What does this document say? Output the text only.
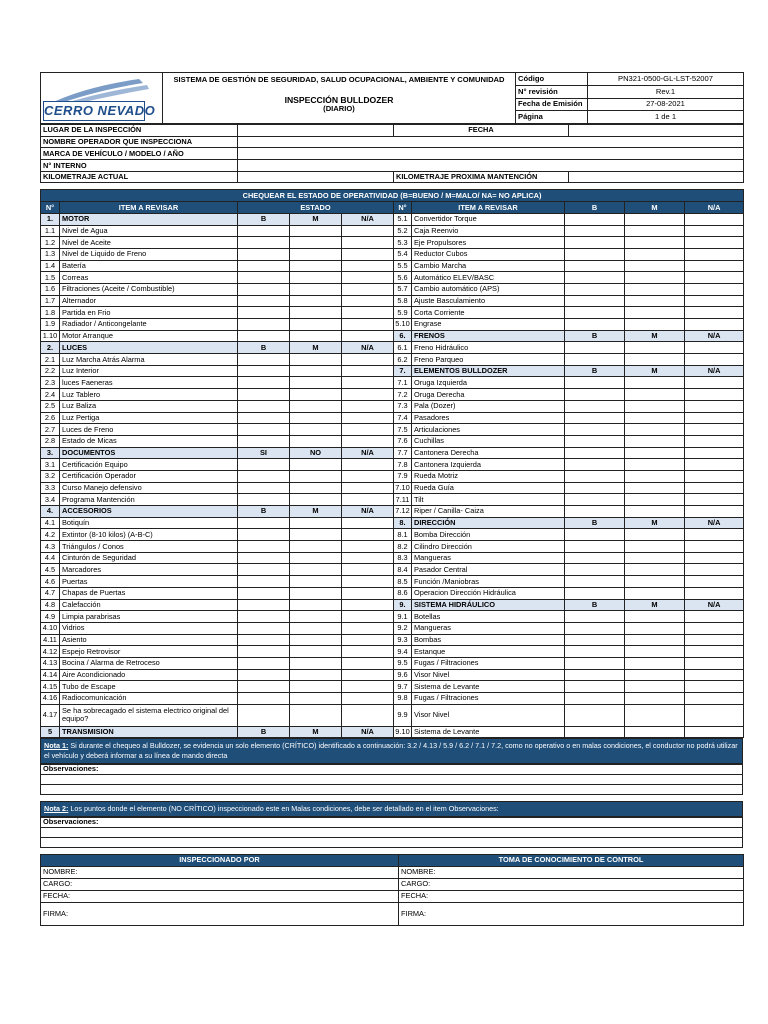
CERRO NEVADO	SISTEMA DE GESTIÓN DE SEGURIDAD, SALUD OCUPACIONAL, AMBIENTE Y COMUNIDAD
INSPECCIÓN BULLDOZER
(DIARIO)	Código	PN321-0500-GL-LST-52007
		N° revisión	Rev.1
		Fecha de Emisión	27-08-2021
		Página	1 de 1
LUGAR DE LA INSPECCIÓN		FECHA	
NOMBRE OPERADOR QUE INSPECCIONA			
MARCA DE VEHÍCULO / MODELO / AÑO			
N° INTERNO			
KILOMETRAJE ACTUAL		KILOMETRAJE PROXIMA MANTENCIÓN	
CHEQUEAR EL ESTADO DE OPERATIVIDAD (B=BUENO / M=MALO/ NA= NO APLICA)									
N°	ITEM A REVISAR	ESTADO			N°	ITEM A REVISAR	B	M	N/A
1.	MOTOR	B	M	N/A	5.1	Convertidor Torque			
1.1	Nivel de Agua				5.2	Caja Reenvio			
1.2	Nivel de Aceite				5.3	Eje Propulsores			
1.3	Nivel de Liquido de Freno				5.4	Reductor Cubos			
1.4	Batería				5.5	Cambio Marcha			
1.5	Correas				5.6	Automático ELEV/BASC			
1.6	Filtraciones (Aceite / Combustible)				5.7	Cambio automático (APS)			
1.7	Alternador				5.8	Ajuste Basculamiento			
1.8	Partida en Frio				5.9	Corta Corriente			
1.9	Radiador / Anticongelante				5.10	Engrase			
1.10	Motor Arranque				6.	FRENOS	B	M	N/A
2.	LUCES	B	M	N/A	6.1	Freno Hidráulico			
2.1	Luz Marcha Atrás Alarma				6.2	Freno Parqueo			
2.2	Luz Interior				7.	ELEMENTOS BULLDOZER	B	M	N/A
2.3	luces Faeneras				7.1	Oruga Izquierda			
2.4	Luz Tablero				7.2	Oruga Derecha			
2.5	Luz Baliza				7.3	Pala (Dozer)			
2.6	Luz Pertiga				7.4	Pasadores			
2.7	Luces de Freno				7.5	Articulaciones			
2.8	Estado de Micas				7.6	Cuchillas			
3.	DOCUMENTOS	SI	NO	N/A	7.7	Cantonera Derecha			
3.1	Certificación Equipo				7.8	Cantonera Izquierda			
3.2	Certificación Operador				7.9	Rueda Motriz			
3.3	Curso Manejo defensivo				7.10	Rueda Guía			
3.4	Programa Mantención				7.11	Tilt			
4.	ACCESORIOS	B	M	N/A	7.12	Riper / Canilla- Caiza			
4.1	Botiquín				8.	DIRECCIÓN	B	M	N/A
4.2	Extintor (8-10 kilos) (A-B-C)				8.1	Bomba Dirección			
4.3	Triángulos / Conos				8.2	Cilindro Dirección			
4.4	Cinturón de Seguridad				8.3	Mangueras			
4.5	Marcadores				8.4	Pasador Central			
4.6	Puertas				8.5	Función /Maniobras			
4.7	Chapas de Puertas				8.6	Operacion Dirección Hidráulica			
4.8	Calefacción				9.	SISTEMA HIDRÁULICO	B	M	N/A
4.9	Limpia parabrisas				9.1	Botellas			
4.10	Vidrios				9.2	Mangueras			
4.11	Asiento				9.3	Bombas			
4.12	Espejo Retrovisor				9.4	Estanque			
4.13	Bocina / Alarma de Retroceso				9.5	Fugas / Filtraciones			
4.14	Aire Acondicionado				9.6	Visor Nivel			
4.15	Tubo de Escape				9.7	Sistema de Levante			
4.16	Radiocomunicación				9.8	Fugas / Filtraciones			
4.17	Se ha sobrecagado el sistema electrico original del equipo?				9.9	Visor Nivel			
5	TRANSMISION	B	M	N/A	9.10	Sistema de Levante			
Nota 1: Si durante el chequeo al Bulldozer, se evidencia un solo elemento (CRÍTICO) identificado a continuación: 3.2 / 4.13 / 5.9 / 6.2 / 7.1 / 7.2, como no operativo o en malas condiciones, el conductor no podrá utilizar el vehículo y deberá informar a su línea de mando directa
Observaciones:

Nota 2: Los puntos donde el elemento (NO CRÍTICO) inspeccionado este en Malas condiciones, debe ser detallado en el item Observaciones:
Observaciones:

INSPECCIONADO POR	TOMA DE CONOCIMIENTO DE CONTROL
NOMBRE:	NOMBRE:
CARGO:	CARGO:
FECHA:	FECHA:
FIRMA:	FIRMA:
